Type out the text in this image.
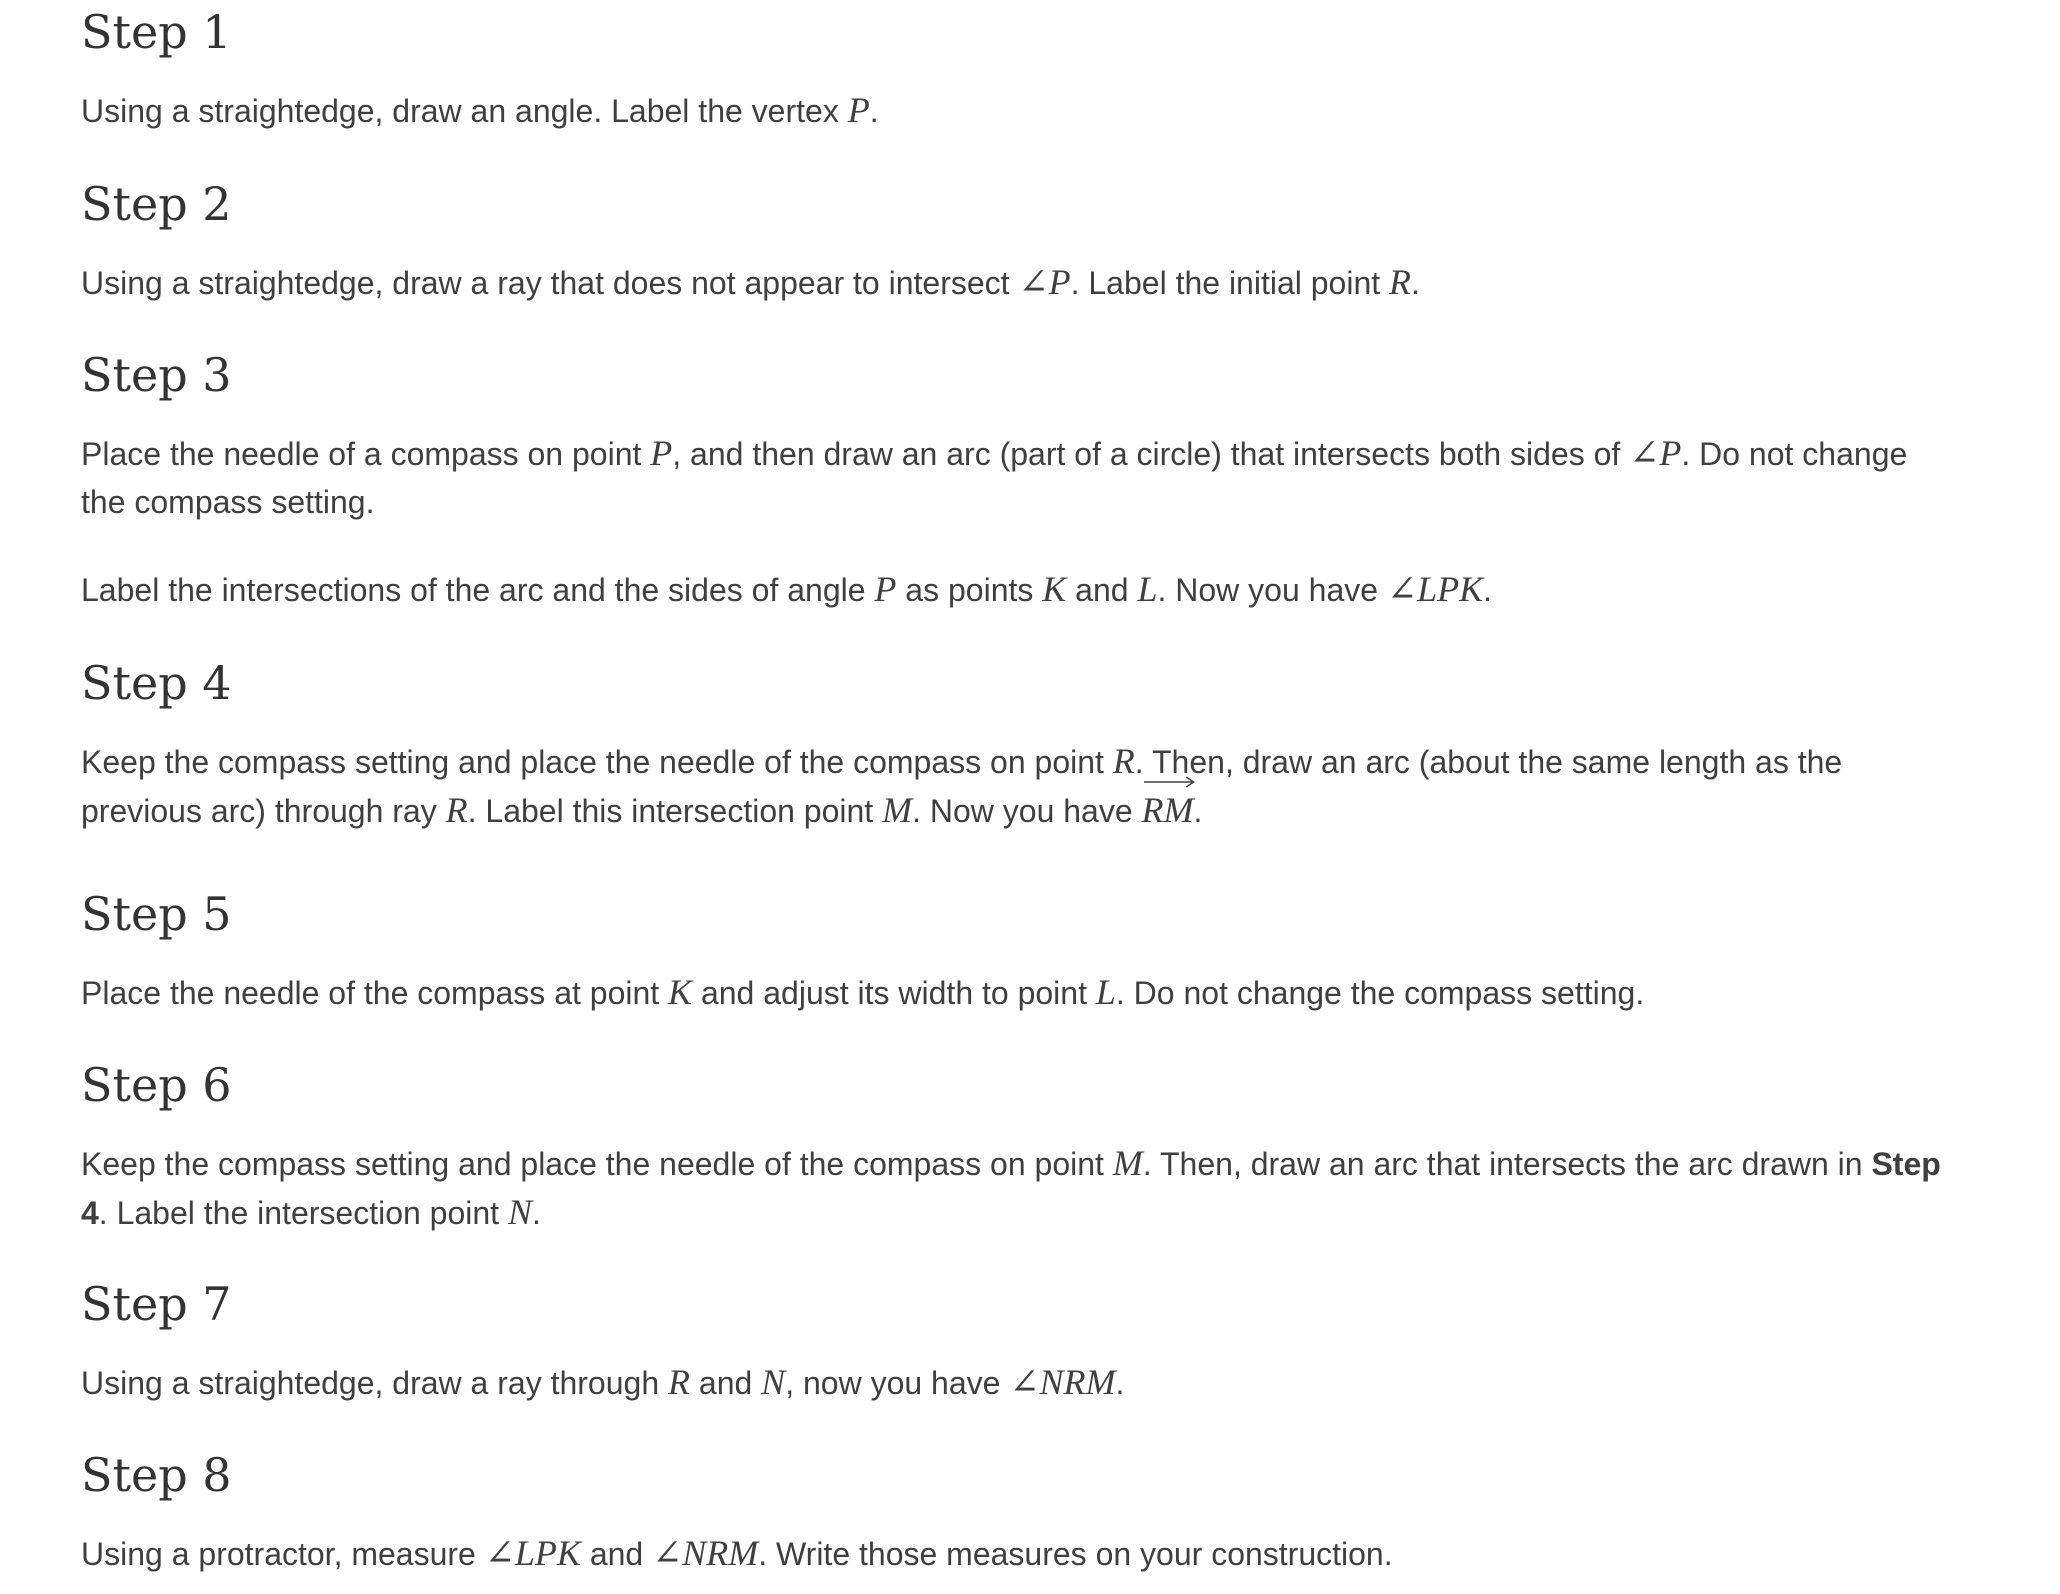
Step 1

Using a straightedge, draw an angle. Label the vertex P.

Step 2

Using a straightedge, draw a ray that does not appear to intersect ∠P. Label the initial point R.

Step 3

Place the needle of a compass on point P, and then draw an arc (part of a circle) that intersects both sides of ∠P. Do not change the compass setting.

Label the intersections of the arc and the sides of angle P as points K and L. Now you have ∠LPK.

Step 4

Keep the compass setting and place the needle of the compass on point R. Then, draw an arc (about the same length as the previous arc) through ray R. Label this intersection point M. Now you have RM
.

Step 5

Place the needle of the compass at point K and adjust its width to point L. Do not change the compass setting.

Step 6

Keep the compass setting and place the needle of the compass on point M. Then, draw an arc that intersects the arc drawn in Step 4. Label the intersection point N.

Step 7

Using a straightedge, draw a ray through R and N, now you have ∠NRM.

Step 8

Using a protractor, measure ∠LPK and ∠NRM. Write those measures on your construction.
